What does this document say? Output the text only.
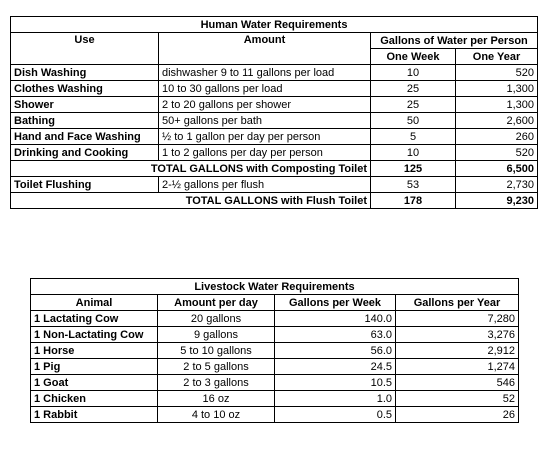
Human Water Requirements			
Use	Amount	Gallons of Water per Person	
		One Week	One Year
Dish Washing	dishwasher 9 to 11 gallons per load	10	520
Clothes Washing	10 to 30 gallons per load	25	1,300
Shower	2 to 20 gallons per shower	25	1,300
Bathing	50+ gallons per bath	50	2,600
Hand and Face Washing	½ to 1 gallon per day per person	5	260
Drinking and Cooking	1 to 2 gallons per day per person	10	520
TOTAL GALLONS with Composting Toilet		125	6,500
Toilet Flushing	2-½ gallons per flush	53	2,730
TOTAL GALLONS with Flush Toilet		178	9,230
Livestock Water Requirements			
Animal	Amount per day	Gallons per Week	Gallons per Year
1 Lactating Cow	20 gallons	140.0	7,280
1 Non-Lactating Cow	9 gallons	63.0	3,276
1 Horse	5 to 10 gallons	56.0	2,912
1 Pig	2 to 5 gallons	24.5	1,274
1 Goat	2 to 3 gallons	10.5	546
1 Chicken	16 oz	1.0	52
1 Rabbit	4 to 10 oz	0.5	26
